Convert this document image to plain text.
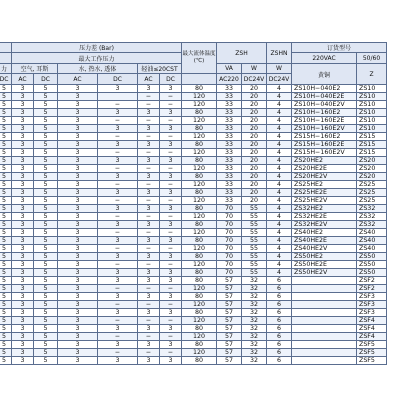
	压力差 (Bar)						最大流体温度(℃)	ZSH		ZSHN	订货型号	
	最大工作压力										220VAC	50/60
力	空气, 耳斯		水, 热水, 透体		轻油≤20CST			VA	W	W	黄铜	Z
DC	AC	DC	AC	DC	AC	DC		AC220	DC24V	DC24V		
5	3	5	3	3	3	3	80	33	20	4	ZS10H−040E2	ZS10
5	3	5	3		−	−	120	33	20	4	ZS10H−040E2E	ZS10
5	3	5	3	−	−	−	120	33	20	4	ZS10H−040E2V	ZS10
5	3	5	3	3	3	3	80	33	20	4	ZS10H−160E2	ZS10
5	3	5	3	−	−	−	120	33	20	4	ZS10H−160E2E	ZS10
5	3	5	3	3	3	3	80	33	20	4	ZS10H−160E2V	ZS10
5	3	5	3	−	−	−	120	33	20	4	ZS15H−160E2	ZS15
5	3	5	3	3	3	3	80	33	20	4	ZS15H−160E2E	ZS15
5	3	5	3	−	−	−	120	33	20	4	ZS15H−160E2V	ZS15
5	3	5	3	3	3	3	80	33	20	4	ZS20HE2	ZS20
5	3	5	3	−	−	−	120	33	20	4	ZS20HE2E	ZS20
5	3	5	3	3	3	3	80	33	20	4	ZS20HE2V	ZS20
5	3	5	3	−	−	−	120	33	20	4	ZS25HE2	ZS25
5	3	5	3	3	3	3	80	33	20	4	ZS25HE2E	ZS25
5	3	5	3	−	−	−	120	33	20	4	ZS25HE2V	ZS25
5	3	5	3	3	3	3	80	70	55	4	ZS32HE2	ZS32
5	3	5	3	−	−	−	120	70	55	4	ZS32HE2E	ZS32
5	3	5	3	3	3	3	80	70	55	4	ZS32HE2V	ZS32
5	3	5	3	−	−	−	120	70	55	4	ZS40HE2	ZS40
5	3	5	3	3	3	3	80	70	55	4	ZS40HE2E	ZS40
5	3	5	3	−	−	−	120	70	55	4	ZS40HE2V	ZS40
5	3	5	3	3	3	3	80	70	55	4	ZS50HE2	ZS50
5	3	5	3	−	−	−	120	70	55	4	ZS50HE2E	ZS50
5	3	5	3	3	3	3	80	70	55	4	ZS50HE2V	ZS50
5	3	5	3	3	3	3	80	57	32	6		ZSF2
5	3	5	3	−	−	−	120	57	32	6		ZSF2
5	3	5	3	3	3	3	80	57	32	6		ZSF3
5	3	5	3	−	−	−	120	57	32	6		ZSF3
5	3	5	3	3	3	3	80	57	32	6		ZSF3
5	3	5	3	−	−	−	120	57	32	6		ZSF4
5	3	5	3	3	3	3	80	57	32	6		ZSF4
5	3	5	3	−	−	−	120	57	32	6		ZSF4
5	3	5	3	3	3	3	80	57	32	6		ZSF5
5	3	5	3	−	−	−	120	57	32	6		ZSF5
5	3	5	3	3	3	3	80	57	32	6		ZSF5
